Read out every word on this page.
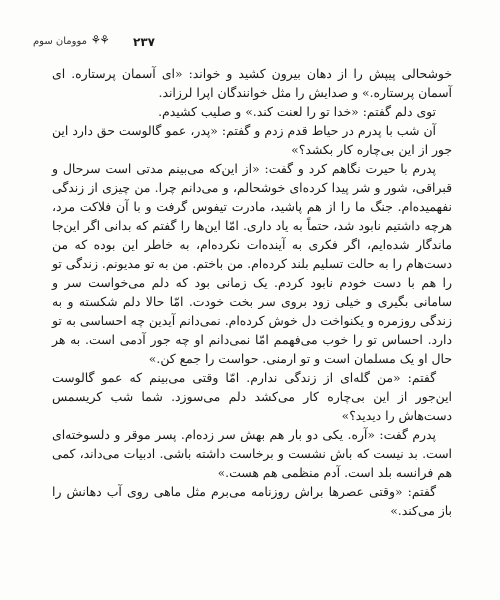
موومان سوم ⚘⚘ ۲۳۷

خوشحالی پیپش را از دهان بیرون کشید و خواند: «ای آسمان پرستاره. ای آسمان پرستاره.» و صدایش را مثل خوانندگان اپرا لرزاند.

توی دلم گفتم: «خدا تو را لعنت کند.» و صلیب کشیدم.

آن شب با پدرم در حیاط قدم زدم و گفتم: «پدر، عمو گالوست حق دارد این جور از این بی‌چاره کار بکشد؟»

پدرم با حیرت نگاهم کرد و گفت: «از این‌که می‌بینم مدتی است سرحال و قبراقی، شور و شر پیدا کرده‌ای خوشحالم، و می‌دانم چرا. من چیزی از زندگی نفهمیده‌ام. جنگ ما را از هم پاشید، مادرت تیفوس گرفت و با آن فلاکت مرد، هرچه داشتیم نابود شد، حتماً به یاد داری. امّا این‌ها را گفتم که بدانی اگر این‌جا ماندگار شده‌ایم، اگر فکری به آینده‌ات نکرده‌ام، به خاطر این بوده که من دست‌هام را به حالت تسلیم بلند کرده‌ام. من باختم. من به تو مدیونم. زندگی تو را هم با دست خودم نابود کردم. یک زمانی بود که دلم می‌خواست سر و سامانی بگیری و خیلی زود بروی سر بخت خودت. امّا حالا دلم شکسته و به زندگی روزمره و یکنواخت دل خوش کرده‌ام. نمی‌دانم آیدین چه احساسی به تو دارد. احساس تو را خوب می‌فهمم امّا نمی‌دانم او چه جور آدمی است. به هر حال او یک مسلمان است و تو ارمنی. حواست را جمع کن.»

گفتم: «من گله‌ای از زندگی ندارم. امّا وقتی می‌بینم که عمو گالوست این‌جور از این بی‌چاره کار می‌کشد دلم می‌سوزد. شما شب کریسمس دست‌هاش را دیدید؟»

پدرم گفت: «آره. یکی دو بار هم بهش سر زده‌ام. پسر موقر و دلسوخته‌ای است. بد نیست که باش نشست و برخاست داشته باشی. ادبیات می‌داند، کمی هم فرانسه بلد است. آدم منظمی هم هست.»

گفتم: «وقتی عصرها براش روزنامه می‌برم مثل ماهی روی آب دهانش را باز می‌کند.»
